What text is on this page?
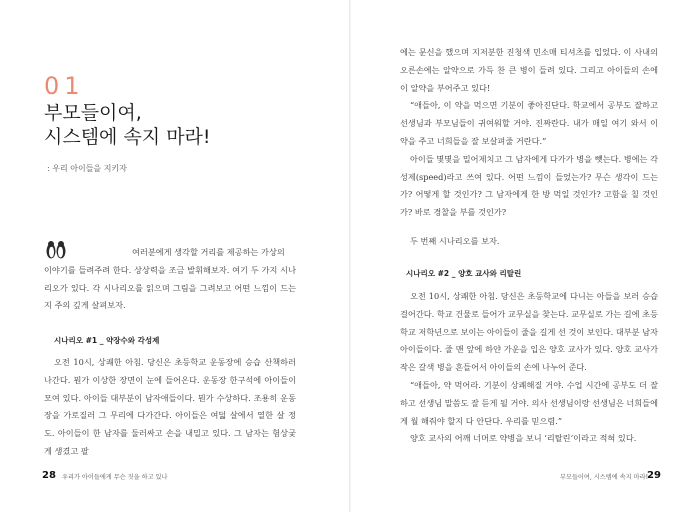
01
부모들이여,
시스템에 속지 마라!
: 우리 아이들을 지키자

여러분에게 생각할 거리를 제공하는 가상의

이야기를 들려주려 한다. 상상력을 조금 발휘해보자. 여기 두 가지 시나리오가 있다. 각 시나리오를 읽으며 그림을 그려보고 어떤 느낌이 드는지 주의 깊게 살펴보자.

시나리오 #1 _ 약장수와 각성제

오전 10시, 상쾌한 아침. 당신은 초등학교 운동장에 승습 산책하러 나간다. 뭔가 이상한 장면이 눈에 들어온다. 운동장 한구석에 아이들이 모여 있다. 아이들 대부분이 남자애들이다. 뭔가 수상하다. 조용히 운동장을 가로질러 그 무리에 다가간다. 아이들은 여덟 살에서 열한 살 정도. 아이들이 한 남자를 둘러싸고 손을 내밀고 있다. 그 남자는 험상궂게 생겼고 팔

28 우리가 아이들에게 무슨 짓을 하고 있나

에는 문신을 했으며 지저분한 진청색 민소매 티셔츠를 입었다. 이 사내의 오른손에는 알약으로 가득 찬 큰 병이 들려 있다. 그리고 아이들의 손에 이 알약을 부어주고 있다!

“애들아, 이 약을 먹으면 기분이 좋아진단다. 학교에서 공부도 잘하고 선생님과 부모님들이 귀여워할 거야. 진짜란다. 내가 매일 여기 와서 이 약을 주고 너희들을 잘 보살펴줄 거란다.”

아이들 몇몇을 밀어제치고 그 남자에게 다가가 병을 뺏는다. 병에는 각성제(speed)라고 쓰여 있다. 어떤 느낌이 들었는가? 무슨 생각이 드는가? 어떻게 할 것인가? 그 남자에게 한 방 먹일 것인가? 고함을 칠 것인가? 바로 경찰을 부를 것인가?

두 번째 시나리오를 보자.
시나리오 #2 _ 양호 교사와 리탈린

오전 10시, 상쾌한 아침. 당신은 초등학교에 다니는 아들을 보러 승습 걸어간다. 학교 건물로 들어가 교무실을 찾는다. 교무실로 가는 길에 초등학교 저학년으로 보이는 아이들이 줄을 길게 선 것이 보인다. 대부분 남자아이들이다. 줄 맨 앞에 하얀 가운을 입은 양호 교사가 있다. 양호 교사가 작은 갈색 병을 흔들어서 아이들의 손에 나누어 준다.

“애들아, 약 먹어라. 기분이 상쾌해질 거야. 수업 시간에 공부도 더 잘하고 선생님 말씀도 잘 듣게 될 거야. 의사 선생님이랑 선생님은 너희들에게 월 해줘야 할지 다 안단다. 우리를 믿으렴.”

양호 교사의 어깨 너머로 약병을 보니 ‘리탈린’이라고 적혀 있다.

부모들이여, 시스템에 속지 마라!
29
